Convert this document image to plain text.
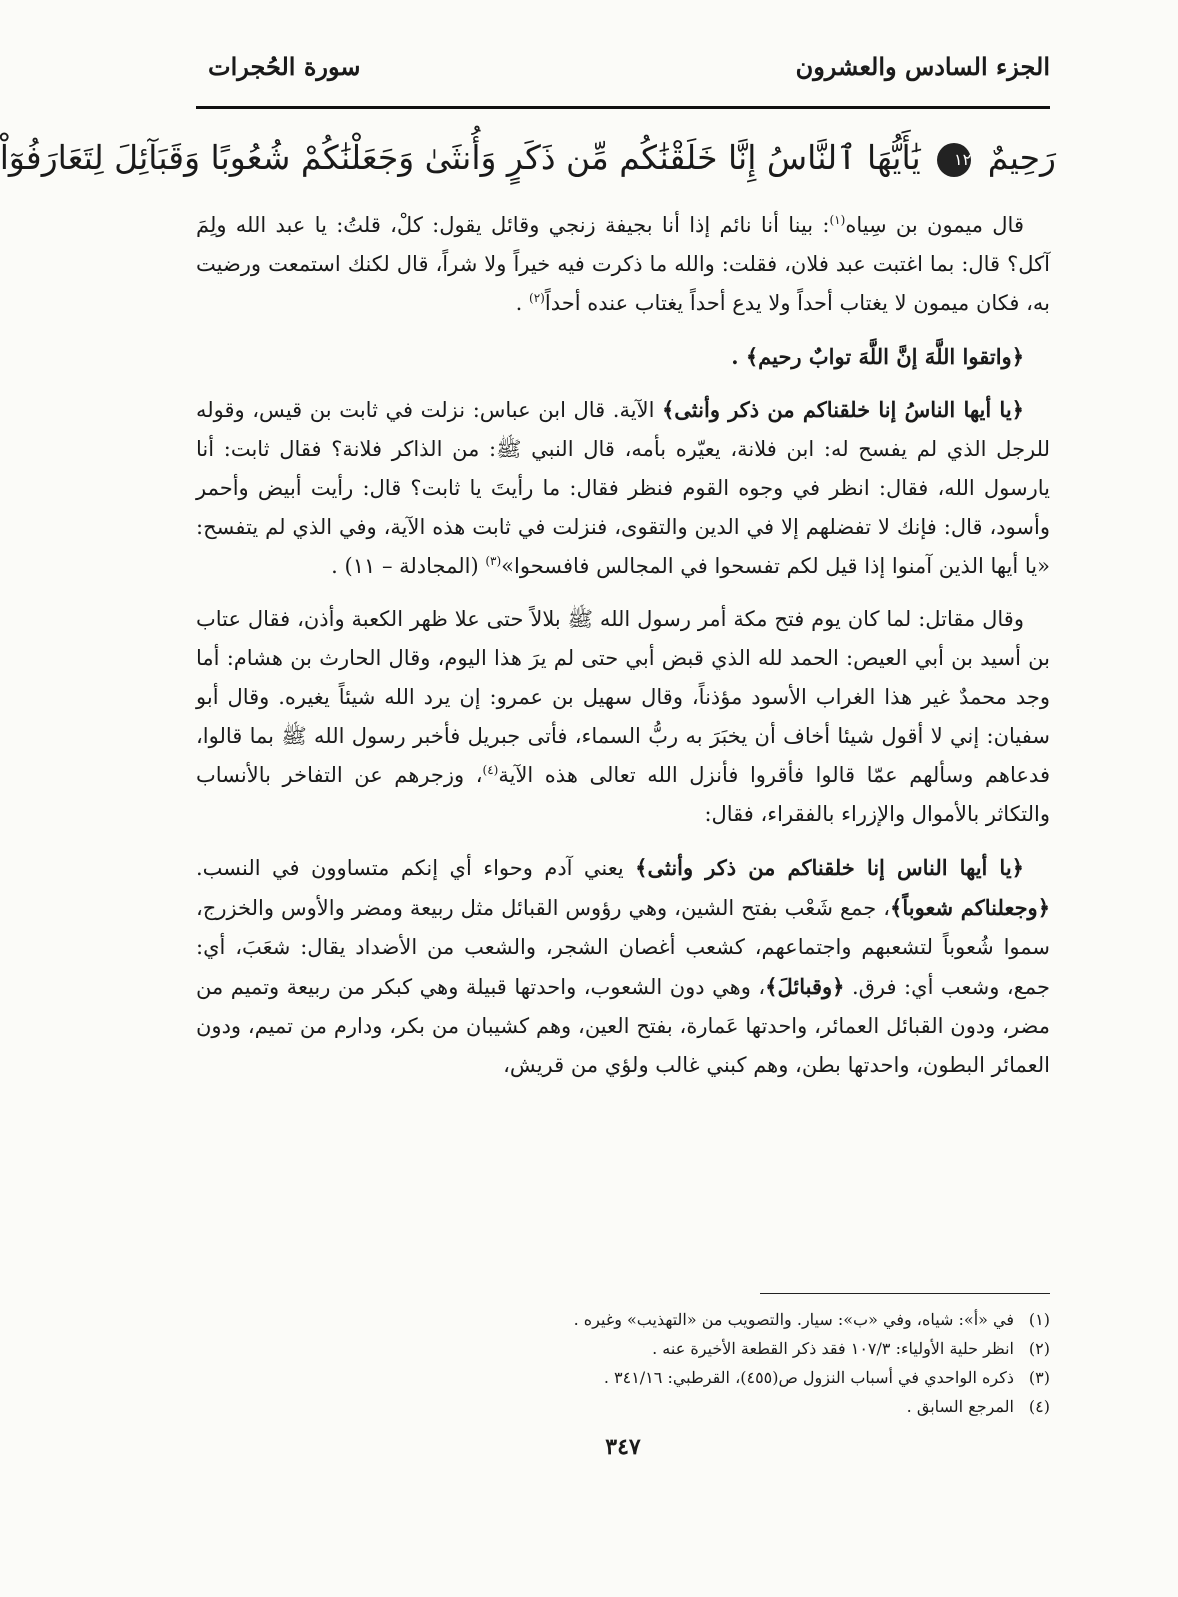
الجزء السادس والعشرون
سورة الحُجرات
رَحِيمٌ ١٢ يَٰأَيُّهَا ٱلنَّاسُ إِنَّا خَلَقْنَٰكُم مِّن ذَكَرٍ وَأُنثَىٰ وَجَعَلْنَٰكُمْ شُعُوبًا وَقَبَآئِلَ لِتَعَارَفُوٓاْ

قال ميمون بن سِياه$^{(١)}$: بينا أنا نائم إذا أنا بجيفة زنجي وقائل يقول: كلْ، قلتُ: يا عبد الله ولِمَ آكل؟ قال: بما اغتبت عبد فلان، فقلت: والله ما ذكرت فيه خيراً ولا شراً، قال لكنك استمعت ورضيت به، فكان ميمون لا يغتاب أحداً ولا يدع أحداً يغتاب عنده أحداً$^{(٢)}$ .

﴿واتقوا اللَّهَ إنَّ اللَّهَ توابٌ رحيم﴾ .

﴿يا أيها الناسُ إنا خلقناكم من ذكر وأنثى﴾ الآية. قال ابن عباس: نزلت في ثابت بن قيس، وقوله للرجل الذي لم يفسح له: ابن فلانة، يعيّره بأمه، قال النبي ﷺ: من الذاكر فلانة؟ فقال ثابت: أنا يارسول الله، فقال: انظر في وجوه القوم فنظر فقال: ما رأيتَ يا ثابت؟ قال: رأيت أبيض وأحمر وأسود، قال: فإنك لا تفضلهم إلا في الدين والتقوى، فنزلت في ثابت هذه الآية، وفي الذي لم يتفسح: «يا أيها الذين آمنوا إذا قيل لكم تفسحوا في المجالس فافسحوا»$^{(٣)}$ (المجادلة – ١١) .

وقال مقاتل: لما كان يوم فتح مكة أمر رسول الله ﷺ بلالاً حتى علا ظهر الكعبة وأذن، فقال عتاب بن أسيد بن أبي العيص: الحمد لله الذي قبض أبي حتى لم يرَ هذا اليوم، وقال الحارث بن هشام: أما وجد محمدٌ غير هذا الغراب الأسود مؤذناً، وقال سهيل بن عمرو: إن يرد الله شيئاً يغيره. وقال أبو سفيان: إني لا أقول شيئا أخاف أن يخبَرَ به ربُّ السماء، فأتى جبريل فأخبر رسول الله ﷺ بما قالوا، فدعاهم وسألهم عمّا قالوا فأقروا فأنزل الله تعالى هذه الآية$^{(٤)}$، وزجرهم عن التفاخر بالأنساب والتكاثر بالأموال والإزراء بالفقراء، فقال:

﴿يا أيها الناس إنا خلقناكم من ذكر وأنثى﴾ يعني آدم وحواء أي إنكم متساوون في النسب. ﴿وجعلناكم شعوباً﴾، جمع شَعْب بفتح الشين، وهي رؤوس القبائل مثل ربيعة ومضر والأوس والخزرج، سموا شُعوباً لتشعبهم واجتماعهم، كشعب أغصان الشجر، والشعب من الأضداد يقال: شعَبَ، أي: جمع، وشعب أي: فرق. ﴿وقبائلَ﴾، وهي دون الشعوب، واحدتها قبيلة وهي كبكر من ربيعة وتميم من مضر، ودون القبائل العمائر، واحدتها عَمارة، بفتح العين، وهم كشيبان من بكر، ودارم من تميم، ودون العمائر البطون، واحدتها بطن، وهم كبني غالب ولؤي من قريش،

(١)في «أ»: شياه، وفي «ب»: سيار. والتصويب من «التهذيب» وغيره .
(٢)انظر حلية الأولياء: ١٠٧/٣ فقد ذكر القطعة الأخيرة عنه .
(٣)ذكره الواحدي في أسباب النزول ص(٤٥٥)، القرطبي: ٣٤١/١٦ .
(٤)المرجع السابق .
٣٤٧
